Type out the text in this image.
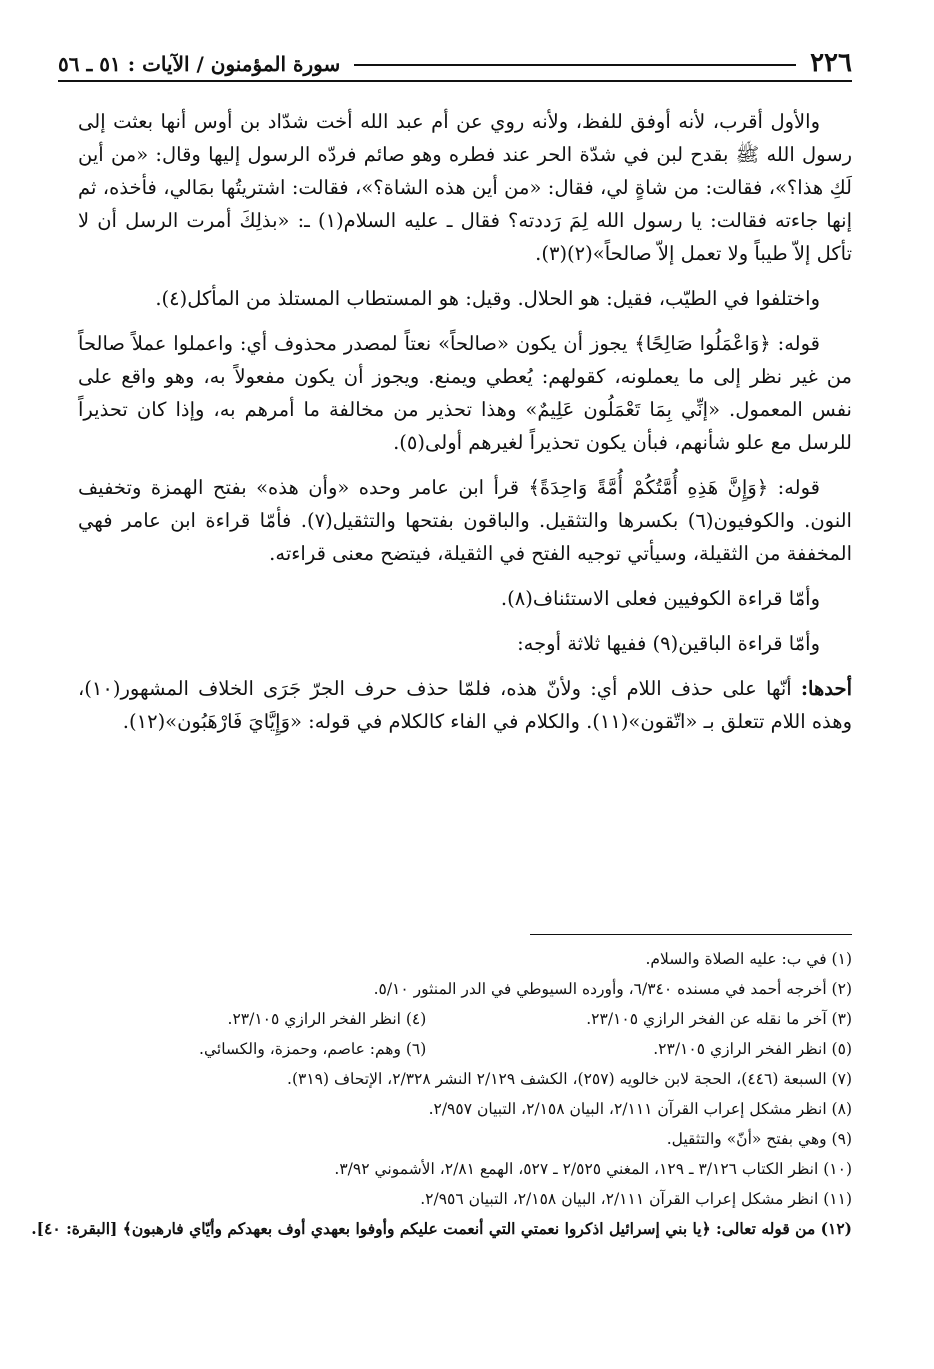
٢٢٦
سورة المؤمنون / الآيات : ٥١ ـ ٥٦

والأول أقرب، لأنه أوفق للفظ، ولأنه روي عن أم عبد الله أخت شدّاد بن أوس أنها بعثت إلى رسول الله ﷺ بقدح لبن في شدّة الحر عند فطره وهو صائم فردّه الرسول إليها وقال: «من أين لَكِ هذا؟»، فقالت: من شاةٍ لي، فقال: «من أين هذه الشاة؟»، فقالت: اشتريتُها بمَالي، فأخذه، ثم إنها جاءته فقالت: يا رسول الله لِمَ رَددته؟ فقال ـ عليه السلام(١) ـ: «بذلِكَ أمرت الرسل أن لا تأكل إلاّ طيباً ولا تعمل إلاّ صالحاً»(٢)(٣).

واختلفوا في الطيّب، فقيل: هو الحلال. وقيل: هو المستطاب المستلذ من المأكل(٤).

قوله: ﴿وَاعْمَلُوا صَالِحًا﴾ يجوز أن يكون «صالحاً» نعتاً لمصدر محذوف أي: واعملوا عملاً صالحاً من غير نظر إلى ما يعملونه، كقولهم: يُعطي ويمنع. ويجوز أن يكون مفعولاً به، وهو واقع على نفس المعمول. «إنِّي بِمَا تَعْمَلُون عَلِيمٌ» وهذا تحذير من مخالفة ما أمرهم به، وإذا كان تحذيراً للرسل مع علو شأنهم، فبأن يكون تحذيراً لغيرهم أولى(٥).

قوله: ﴿وَإِنَّ هَذِهِ أُمَّتُكُمْ أُمَّةً وَاحِدَةً﴾ قرأ ابن عامر وحده «وأن هذه» بفتح الهمزة وتخفيف النون. والكوفيون(٦) بكسرها والتثقيل. والباقون بفتحها والتثقيل(٧). فأمّا قراءة ابن عامر فهي المخففة من الثقيلة، وسيأتي توجيه الفتح في الثقيلة، فيتضح معنى قراءته.

وأمّا قراءة الكوفيين فعلى الاستئناف(٨).

وأمّا قراءة الباقين(٩) ففيها ثلاثة أوجه:

أحدها: أنّها على حذف اللام أي: ولأنّ هذه، فلمّا حذف حرف الجرّ جَرَى الخلاف المشهور(١٠)، وهذه اللام تتعلق بـ «اتّقون»(١١). والكلام في الفاء كالكلام في قوله: «وَإِيَّايَ فَارْهَبُون»(١٢).

(١) في ب: عليه الصلاة والسلام.
(٢) أخرجه أحمد في مسنده ٦/٣٤٠، وأورده السيوطي في الدر المنثور ٥/١٠.
(٣) آخر ما نقله عن الفخر الرازي ٢٣/١٠٥.
(٤) انظر الفخر الرازي ٢٣/١٠٥.
(٥) انظر الفخر الرازي ٢٣/١٠٥.
(٦) وهم: عاصم، وحمزة، والكسائي.
(٧) السبعة (٤٤٦)، الحجة لابن خالويه (٢٥٧)، الكشف ٢/١٢٩ النشر ٢/٣٢٨، الإتحاف (٣١٩).
(٨) انظر مشكل إعراب القرآن ٢/١١١، البيان ٢/١٥٨، التبيان ٢/٩٥٧.
(٩) وهي بفتح «أنّ» والتثقيل.
(١٠) انظر الكتاب ٣/١٢٦ ـ ١٢٩، المغني ٢/٥٢٥ ـ ٥٢٧، الهمع ٢/٨١، الأشموني ٣/٩٢.
(١١) انظر مشكل إعراب القرآن ٢/١١١، البيان ٢/١٥٨، التبيان ٢/٩٥٦.
(١٢) من قوله تعالى: ﴿يا بني إسرائيل اذكروا نعمتي التي أنعمت عليكم وأوفوا بعهدي أوف بعهدكم وأيّاي فارهبون﴾ [البقرة: ٤٠].
